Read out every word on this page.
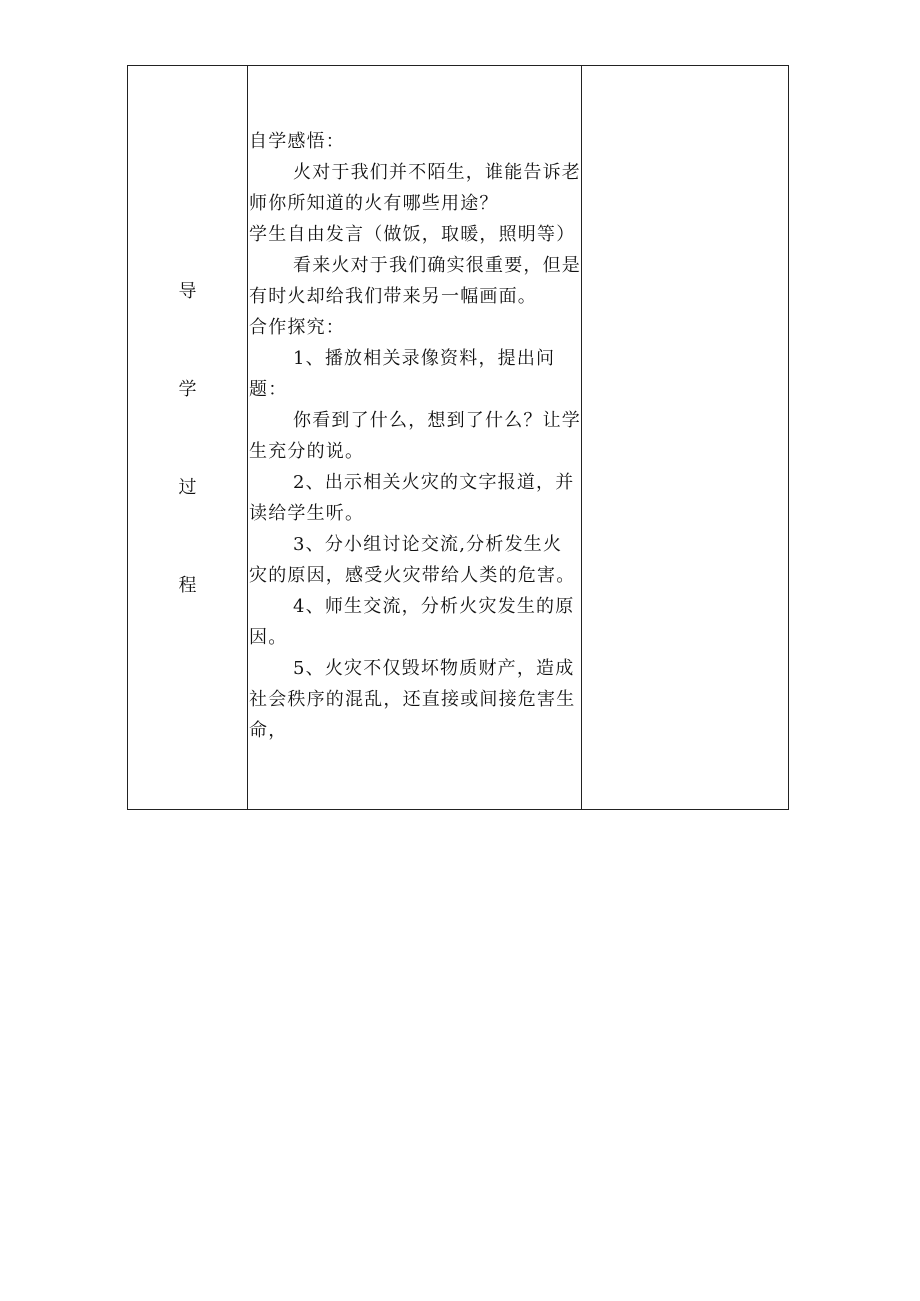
导
学
过
程

自学感悟：

火对于我们并不陌生，谁能告诉老师你所知道的火有哪些用途？

学生自由发言（做饭，取暖，照明等）

看来火对于我们确实很重要，但是有时火却给我们带来另一幅画面。

合作探究：

1、播放相关录像资料，提出问题：

你看到了什么，想到了什么？让学生充分的说。

2、出示相关火灾的文字报道，并读给学生听。

3、分小组讨论交流,分析发生火灾的原因，感受火灾带给人类的危害。

4、师生交流，分析火灾发生的原因。

5、火灾不仅毁坏物质财产，造成社会秩序的混乱，还直接或间接危害生命，
